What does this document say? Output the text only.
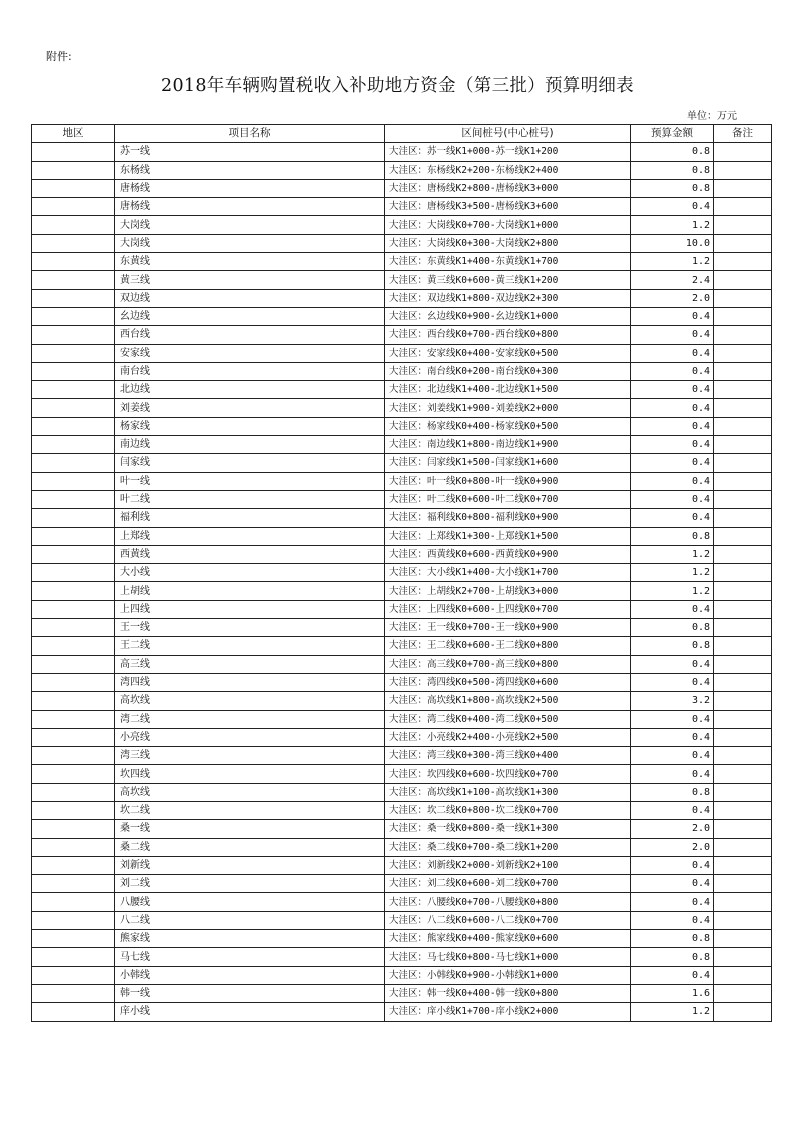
附件:
2018年车辆购置税收入补助地方资金（第三批）预算明细表
单位：万元
地区	项目名称	区间桩号(中心桩号)	预算金额	备注
	苏一线	大洼区：苏一线K1+000-苏一线K1+200	0.8	
	东杨线	大洼区：东杨线K2+200-东杨线K2+400	0.8	
	唐杨线	大洼区：唐杨线K2+800-唐杨线K3+000	0.8	
	唐杨线	大洼区：唐杨线K3+500-唐杨线K3+600	0.4	
	大岗线	大洼区：大岗线K0+700-大岗线K1+000	1.2	
	大岗线	大洼区：大岗线K0+300-大岗线K2+800	10.0	
	东黄线	大洼区：东黄线K1+400-东黄线K1+700	1.2	
	黄三线	大洼区：黄三线K0+600-黄三线K1+200	2.4	
	双边线	大洼区：双边线K1+800-双边线K2+300	2.0	
	幺边线	大洼区：幺边线K0+900-幺边线K1+000	0.4	
	西台线	大洼区：西台线K0+700-西台线K0+800	0.4	
	安家线	大洼区：安家线K0+400-安家线K0+500	0.4	
	南台线	大洼区：南台线K0+200-南台线K0+300	0.4	
	北边线	大洼区：北边线K1+400-北边线K1+500	0.4	
	刘姜线	大洼区：刘姜线K1+900-刘姜线K2+000	0.4	
	杨家线	大洼区：杨家线K0+400-杨家线K0+500	0.4	
	南边线	大洼区：南边线K1+800-南边线K1+900	0.4	
	闫家线	大洼区：闫家线K1+500-闫家线K1+600	0.4	
	叶一线	大洼区：叶一线K0+800-叶一线K0+900	0.4	
	叶二线	大洼区：叶二线K0+600-叶二线K0+700	0.4	
	福利线	大洼区：福利线K0+800-福利线K0+900	0.4	
	上郑线	大洼区：上郑线K1+300-上郑线K1+500	0.8	
	西黄线	大洼区：西黄线K0+600-西黄线K0+900	1.2	
	大小线	大洼区：大小线K1+400-大小线K1+700	1.2	
	上胡线	大洼区：上胡线K2+700-上胡线K3+000	1.2	
	上四线	大洼区：上四线K0+600-上四线K0+700	0.4	
	王一线	大洼区：王一线K0+700-王一线K0+900	0.8	
	王二线	大洼区：王二线K0+600-王二线K0+800	0.8	
	高三线	大洼区：高三线K0+700-高三线K0+800	0.4	
	湾四线	大洼区：湾四线K0+500-湾四线K0+600	0.4	
	高坎线	大洼区：高坎线K1+800-高坎线K2+500	3.2	
	湾二线	大洼区：湾二线K0+400-湾二线K0+500	0.4	
	小亮线	大洼区：小亮线K2+400-小亮线K2+500	0.4	
	湾三线	大洼区：湾三线K0+300-湾三线K0+400	0.4	
	坎四线	大洼区：坎四线K0+600-坎四线K0+700	0.4	
	高坎线	大洼区：高坎线K1+100-高坎线K1+300	0.8	
	坎二线	大洼区：坎二线K0+800-坎二线K0+700	0.4	
	桑一线	大洼区：桑一线K0+800-桑一线K1+300	2.0	
	桑二线	大洼区：桑二线K0+700-桑二线K1+200	2.0	
	刘新线	大洼区：刘新线K2+000-刘新线K2+100	0.4	
	刘二线	大洼区：刘二线K0+600-刘二线K0+700	0.4	
	八腰线	大洼区：八腰线K0+700-八腰线K0+800	0.4	
	八二线	大洼区：八二线K0+600-八二线K0+700	0.4	
	熊家线	大洼区：熊家线K0+400-熊家线K0+600	0.8	
	马七线	大洼区：马七线K0+800-马七线K1+000	0.8	
	小韩线	大洼区：小韩线K0+900-小韩线K1+000	0.4	
	韩一线	大洼区：韩一线K0+400-韩一线K0+800	1.6	
	庠小线	大洼区：庠小线K1+700-庠小线K2+000	1.2	
